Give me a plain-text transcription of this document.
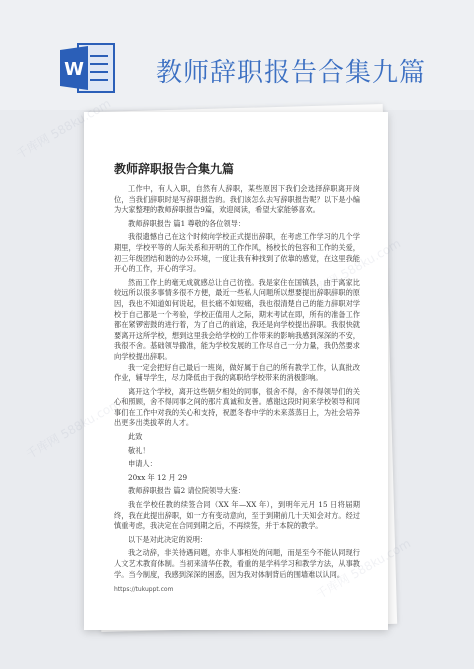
W	教师辞职报告合集九篇
教师辞职报告合集九篇

工作中，有人入职，自然有人辞职，某些原因下我们会选择辞职离开岗位，当我们辞职时是写辞职报告的。我们该怎么去写辞职报告呢？以下是小编为大家整理的教师辞职报告9篇，欢迎阅读，希望大家能够喜欢。

教师辞职报告 篇1 尊敬的各位领导：

我很遗憾自己在这个时候向学校正式提出辞职，在考虑工作学习的几个学期里，学校平等的人际关系和开明的工作作风，杨校长的包容和工作的关爱，初三年级团结和谐的办公环境，一度让我有种找到了依靠的感觉，在这里我能开心的工作，开心的学习。

然而工作上的毫无成就感总让自己彷徨。我是家住在国镇县，由于离家比较远所以很多事情多很不方便，最近一些私人问题所以想要提出辞职辞职的原因，我也不知道如何说起，但长痛不如短痛，我也很清楚自己的能力辞职对学校于自己都是一个考验，学校正值用人之际，期末考试在即，所有的准备工作都在紧锣密鼓的进行着，为了自己的前途，我还是向学校提出辞职。我很快就要离开这所学校，想到这里我会给学校的工作带来的影响我感到深深的不安，我很不舍。基础领导撒准，能为学校发展的工作尽自己一分力量，我仍然要求向学校提出辞职。

我一定会把好自己最后一班岗，做好属于自己的所有教学工作，认真批改作业，辅导学生，尽力降低由于我的离职给学校带来的消极影响。

离开这个学校，离开这些朝夕相处的同事，很舍不得，舍不得领导们的关心和照顾，舍不得同事之间的那片真诚和友善。感谢这段时间来学校领导和同事们在工作中对我的关心和支持，祝愿冬春中学的未来蒸蒸日上，为社会培养出更多出类拔萃的人才。

此致

敬礼！

申请人：

20xx 年 12 月 29

教师辞职报告 篇2 请位院领导大鉴：

我在学校任教的续签合同（XX 年—XX 年），到明年元月 15 日将届期终，我在此提出辞职，如一方有变动意向，至于到期前几十天知会对方。经过慎重考虑，我决定在合同到期之后，不再续签，并于本院的教学。

以下是对此决定的说明：

我之动辞，非关待遇问题，亦非人事相处的问题，而是至今不能认同现行人文艺术教育体制。当初来清华任教，看重的是学科学习和教学方法，从事教学。当今制度，我感到深深的困惑，因为我对体制背后的围墙难以认同。

https://tukuppt.com
千库网 588ku.com
千库网 588ku.com
